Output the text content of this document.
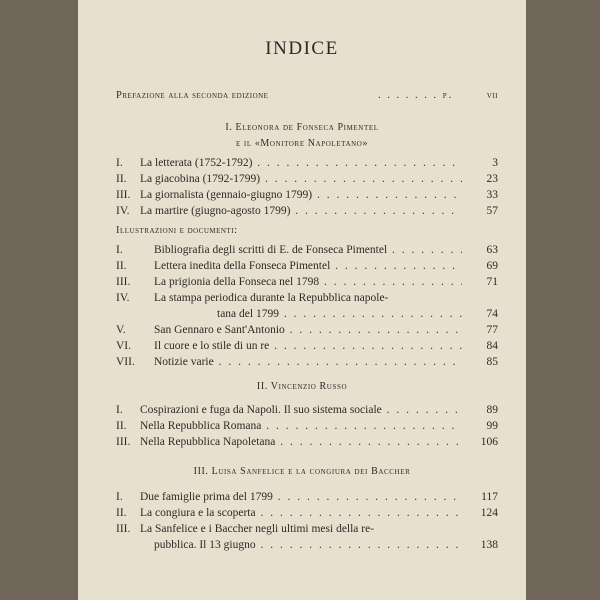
INDICE
Prefazione alla seconda edizione	. . . . . . . p.	vii
I. Eleonora de Fonseca Pimentel
e il «Monitore Napoletano»
I. La letterata (1752-1792) . . .	3
II. La giacobina (1792-1799) . . .	23
III. La giornalista (gennaio-giugno 1799) . . .	33
IV. La martire (giugno-agosto 1799) . . .	57
Illustrazioni e documenti:
I.	Bibliografia degli scritti di E. de Fonseca Pimentel . . .	63
II. Lettera inedita della Fonseca Pimentel . . .	69
III. La prigionia della Fonseca nel 1798 . . .	71
IV. La stampa periodica durante la Repubblica napole-
tana del 1799 . . .	74
V. San Gennaro e Sant'Antonio . . .	77
VI. Il cuore e lo stile di un re . . .	84
VII. Notizie varie . . .	85
II. Vincenzio Russo
I. Cospirazioni e fuga da Napoli. Il suo sistema sociale . . .	89
II. Nella Repubblica Romana . . .	99
III. Nella Repubblica Napoletana . . .	106
III. Luisa Sanfelice e la congiura dei Baccher
I. Due famiglie prima del 1799 . . .	117
II. La congiura e la scoperta . . .	124
III. La Sanfelice e i Baccher negli ultimi mesi della re-
pubblica. Il 13 giugno . . .	138
